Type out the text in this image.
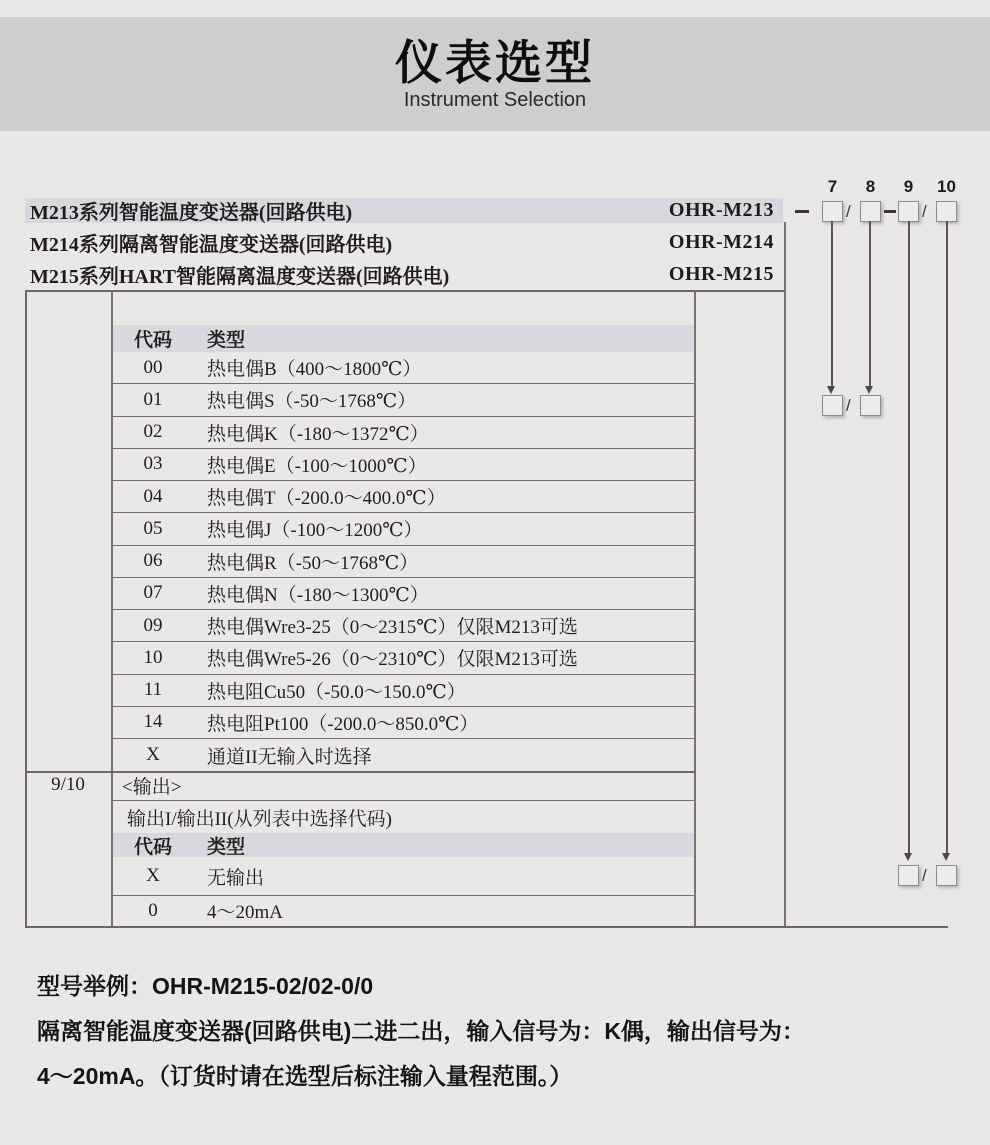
仪表选型

Instrument Selection

M213系列智能温度变送器(回路供电)	OHR-M213
M214系列隔离智能温度变送器(回路供电)	OHR-M214
M215系列HART智能隔离温度变送器(回路供电)	OHR-M215
7	8	9	10
/	/
/
/
9/10
代码	类型
00	热电偶B（400～1800℃）
01	热电偶S（-50～1768℃）
02	热电偶K（-180～1372℃）
03	热电偶E（-100～1000℃）
04	热电偶T（-200.0～400.0℃）
05	热电偶J（-100～1200℃）
06	热电偶R（-50～1768℃）
07	热电偶N（-180～1300℃）
09	热电偶Wre3-25（0～2315℃）仅限M213可选
10	热电偶Wre5-26（0～2310℃）仅限M213可选
11	热电阻Cu50（-50.0～150.0℃）
14	热电阻Pt100（-200.0～850.0℃）
X	通道II无输入时选择
<输出>
输出I/输出II(从列表中选择代码)
代码	类型
X	无输出
0	4～20mA

型号举例：OHR-M215-02/02-0/0

隔离智能温度变送器(回路供电)二进二出，输入信号为：K偶，输出信号为：

4～20mA。（订货时请在选型后标注输入量程范围。）
